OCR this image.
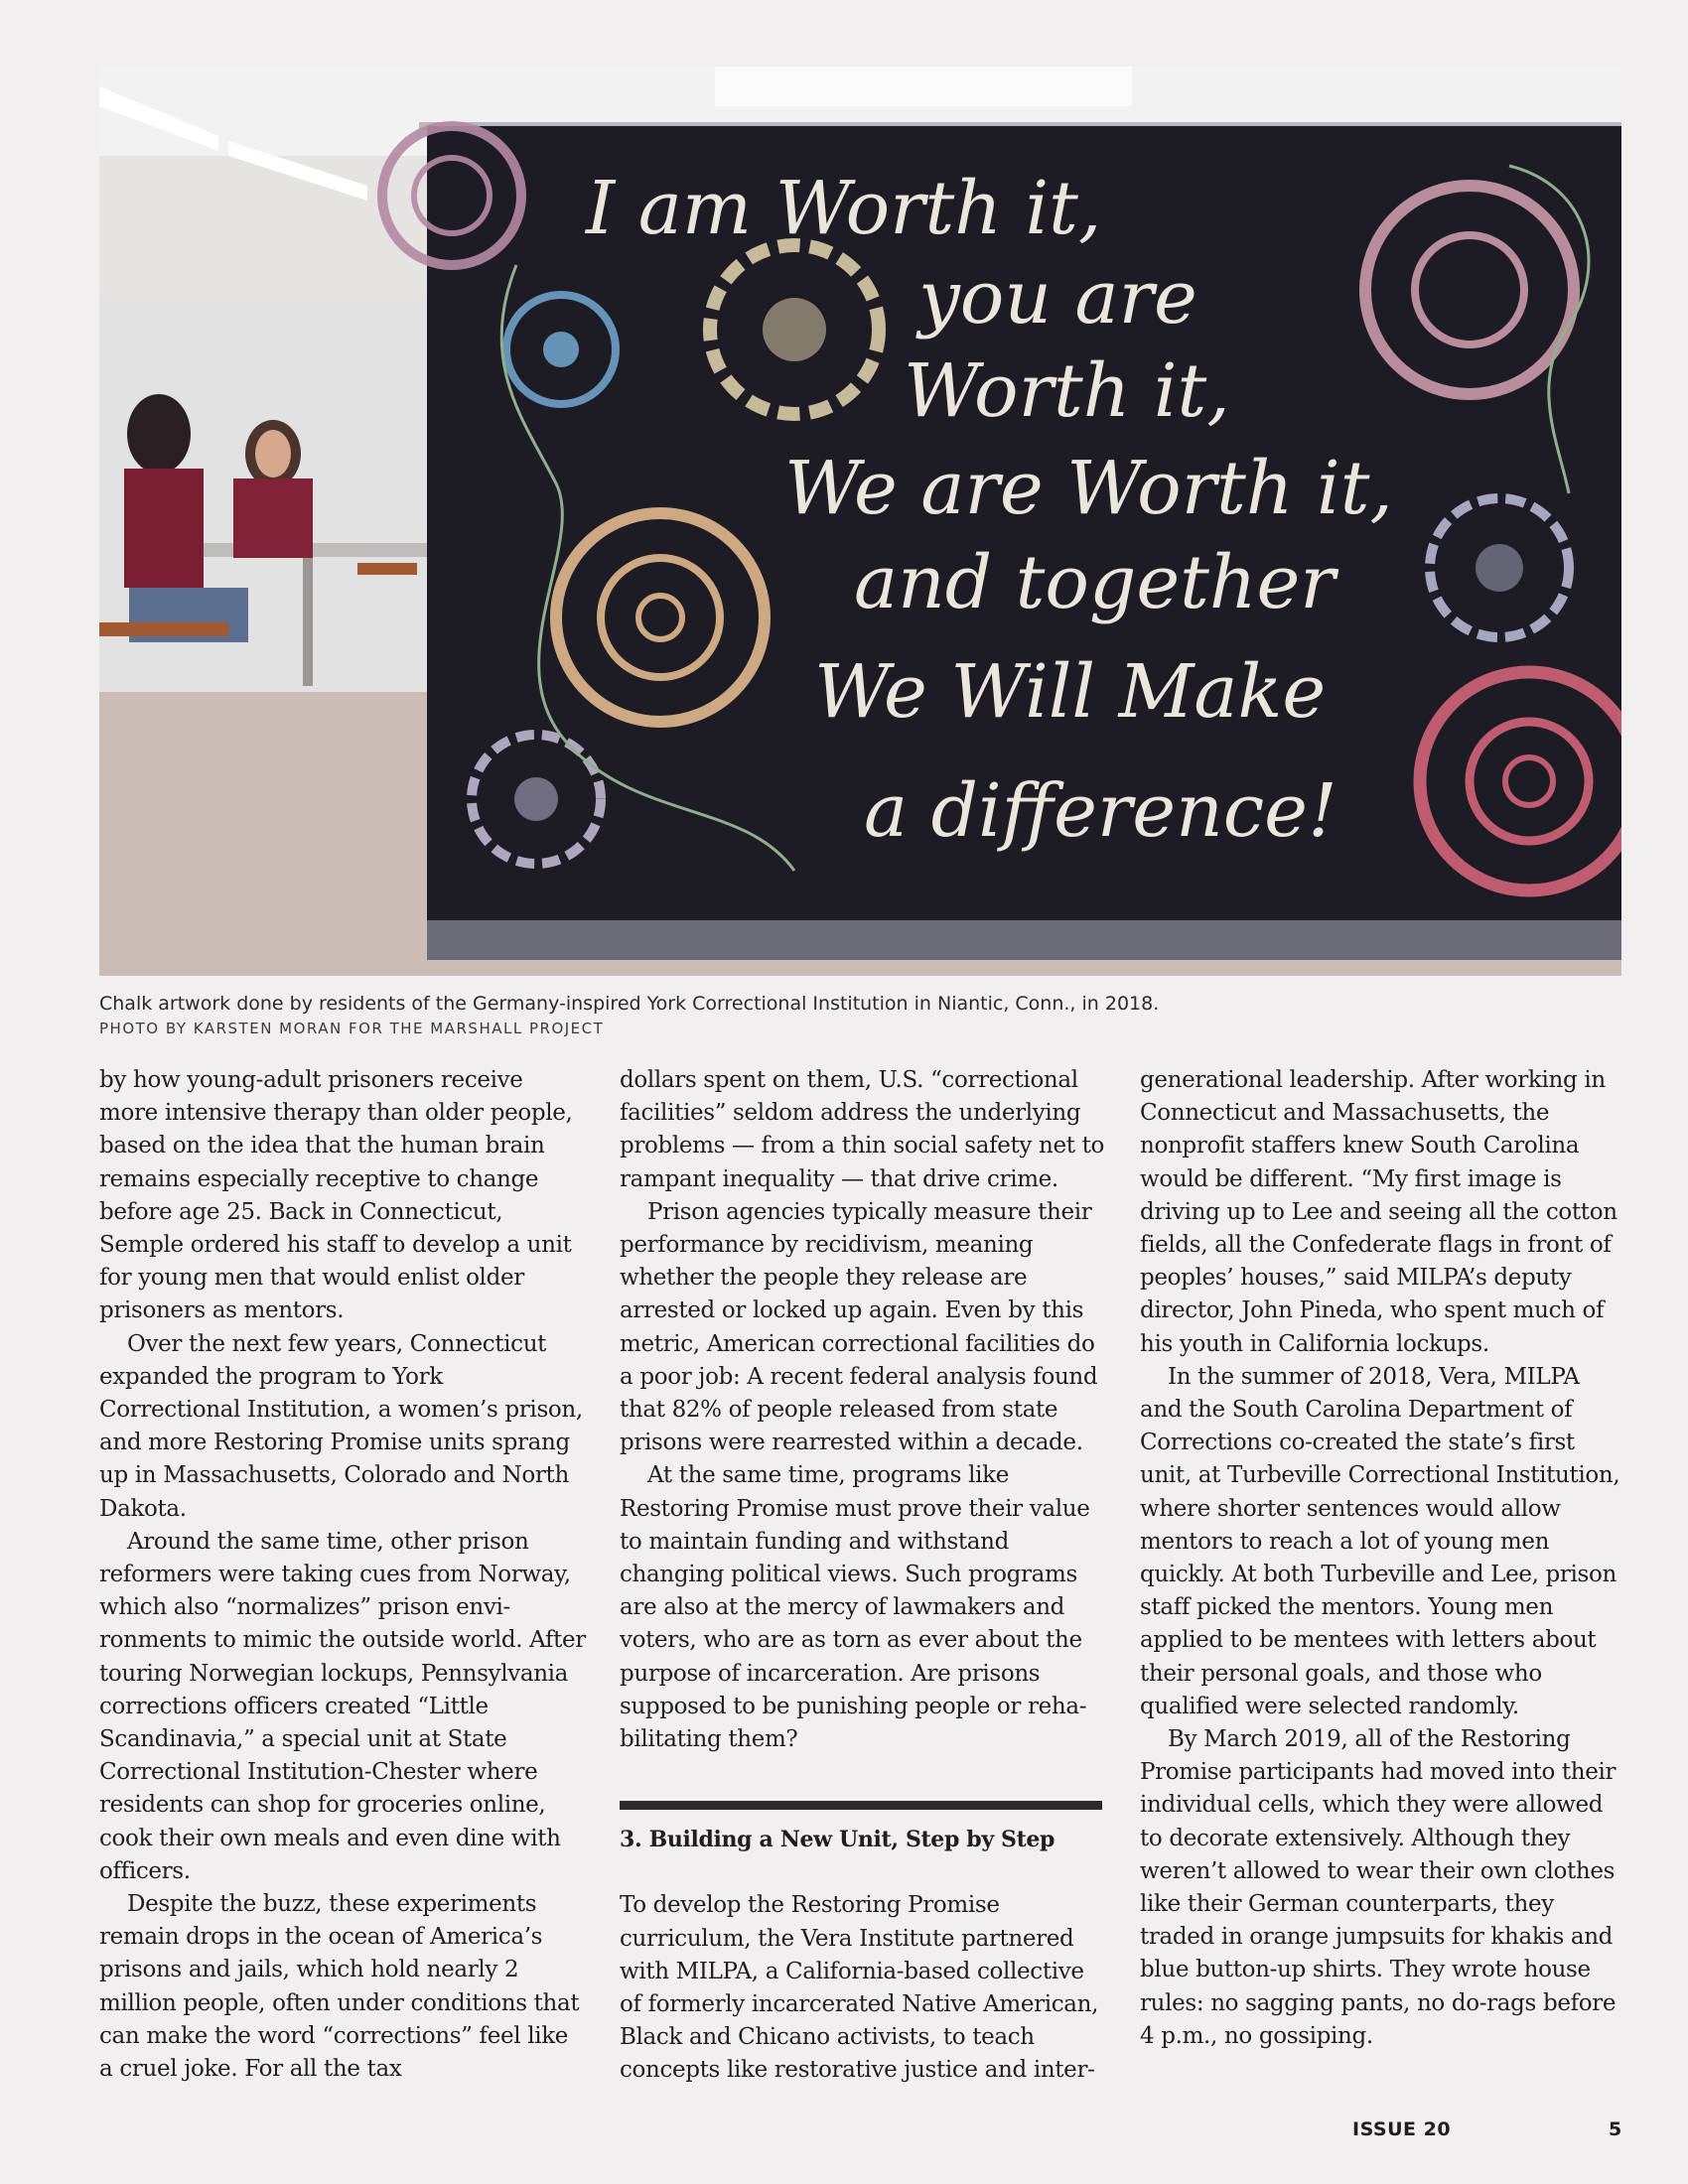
I am Worth it,
you are
Worth it,
We are Worth it,
and together
We Will Make
a difference!
Chalk artwork done by residents of the Germany-inspired York Correctional Institution in Niantic, Conn., in 2018.
PHOTO BY KARSTEN MORAN FOR THE MARSHALL PROJECT

by how young-adult prisoners receive more intensive therapy than older people, based on the idea that the human brain remains especially receptive to change before age 25. Back in Connecticut, Semple ordered his staff to develop a unit for young men that would enlist older prisoners as mentors.

Over the next few years, Connecticut expanded the program to York Correctional Institution, a women’s prison, and more Restoring Promise units sprang up in Massachusetts, Colorado and North Dakota.

Around the same time, other prison reformers were taking cues from Norway, which also “normalizes” prison environments to mimic the outside world. After touring Norwegian lockups, Pennsylvania corrections officers created “Little Scandinavia,” a special unit at State Correctional Institution-Chester where residents can shop for groceries online, cook their own meals and even dine with officers.

Despite the buzz, these experiments remain drops in the ocean of America’s prisons and jails, which hold nearly 2 million people, often under conditions that can make the word “corrections” feel like a cruel joke. For all the tax

dollars spent on them, U.S. “correctional facilities” seldom address the underlying problems — from a thin social safety net to rampant inequality — that drive crime.

Prison agencies typically measure their performance by recidivism, meaning whether the people they release are arrested or locked up again. Even by this metric, American correctional facilities do a poor job: A recent federal analysis found that 82% of people released from state prisons were rearrested within a decade.

At the same time, programs like Restoring Promise must prove their value to maintain funding and withstand changing political views. Such programs are also at the mercy of lawmakers and voters, who are as torn as ever about the purpose of incarceration. Are prisons supposed to be punishing people or rehabilitating them?

3. Building a New Unit, Step by Step

To develop the Restoring Promise curriculum, the Vera Institute partnered with MILPA, a California-based collective of formerly incarcerated Native American, Black and Chicano activists, to teach concepts like restorative justice and inter-

generational leadership. After working in Connecticut and Massachusetts, the nonprofit staffers knew South Carolina would be different. “My first image is driving up to Lee and seeing all the cotton fields, all the Confederate flags in front of peoples’ houses,” said MILPA’s deputy director, John Pineda, who spent much of his youth in California lockups.

In the summer of 2018, Vera, MILPA and the South Carolina Department of Corrections co-created the state’s first unit, at Turbeville Correctional Institution, where shorter sentences would allow mentors to reach a lot of young men quickly. At both Turbeville and Lee, prison staff picked the mentors. Young men applied to be mentees with letters about their personal goals, and those who qualified were selected randomly.

By March 2019, all of the Restoring Promise participants had moved into their individual cells, which they were allowed to decorate extensively. Although they weren’t allowed to wear their own clothes like their German counterparts, they traded in orange jumpsuits for khakis and blue button-up shirts. They wrote house rules: no sagging pants, no do-rags before 4 p.m., no gossiping.

ISSUE 20	5
